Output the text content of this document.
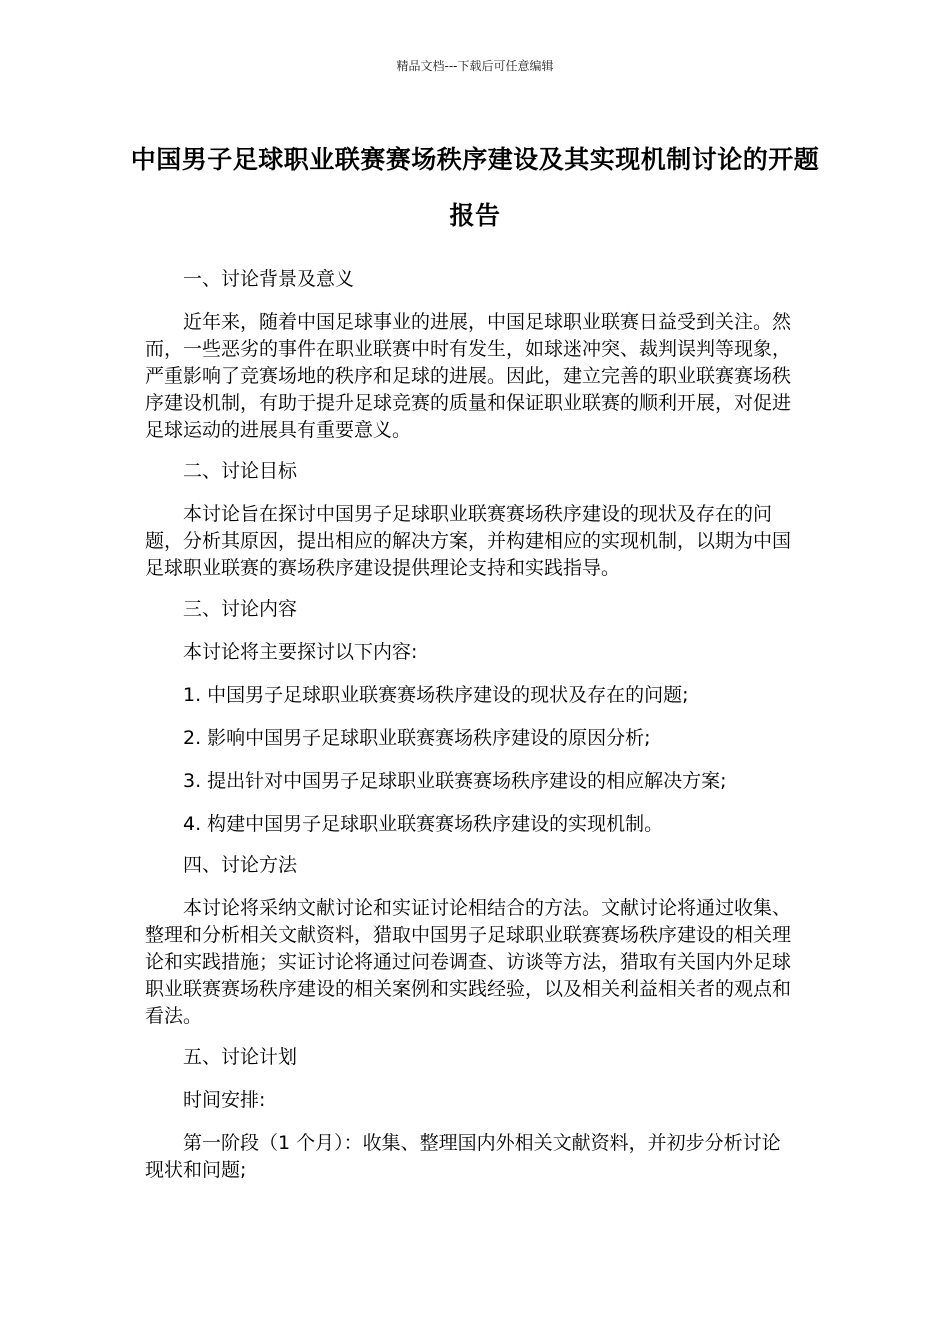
精品文档---下载后可任意编辑
中国男子足球职业联赛赛场秩序建设及其实现机制讨论的开题报告
一、讨论背景及意义

近年来，随着中国足球事业的进展，中国足球职业联赛日益受到关注。然而，一些恶劣的事件在职业联赛中时有发生，如球迷冲突、裁判误判等现象，严重影响了竞赛场地的秩序和足球的进展。因此，建立完善的职业联赛赛场秩序建设机制，有助于提升足球竞赛的质量和保证职业联赛的顺利开展，对促进足球运动的进展具有重要意义。

二、讨论目标

本讨论旨在探讨中国男子足球职业联赛赛场秩序建设的现状及存在的问题，分析其原因，提出相应的解决方案，并构建相应的实现机制，以期为中国足球职业联赛的赛场秩序建设提供理论支持和实践指导。

三、讨论内容

本讨论将主要探讨以下内容:

1. 中国男子足球职业联赛赛场秩序建设的现状及存在的问题;

2. 影响中国男子足球职业联赛赛场秩序建设的原因分析;

3. 提出针对中国男子足球职业联赛赛场秩序建设的相应解决方案;

4. 构建中国男子足球职业联赛赛场秩序建设的实现机制。

四、讨论方法

本讨论将采纳文献讨论和实证讨论相结合的方法。文献讨论将通过收集、整理和分析相关文献资料，猎取中国男子足球职业联赛赛场秩序建设的相关理论和实践措施；实证讨论将通过问卷调查、访谈等方法，猎取有关国内外足球职业联赛赛场秩序建设的相关案例和实践经验，以及相关利益相关者的观点和看法。

五、讨论计划

时间安排:

第一阶段（1 个月）：收集、整理国内外相关文献资料，并初步分析讨论现状和问题;
